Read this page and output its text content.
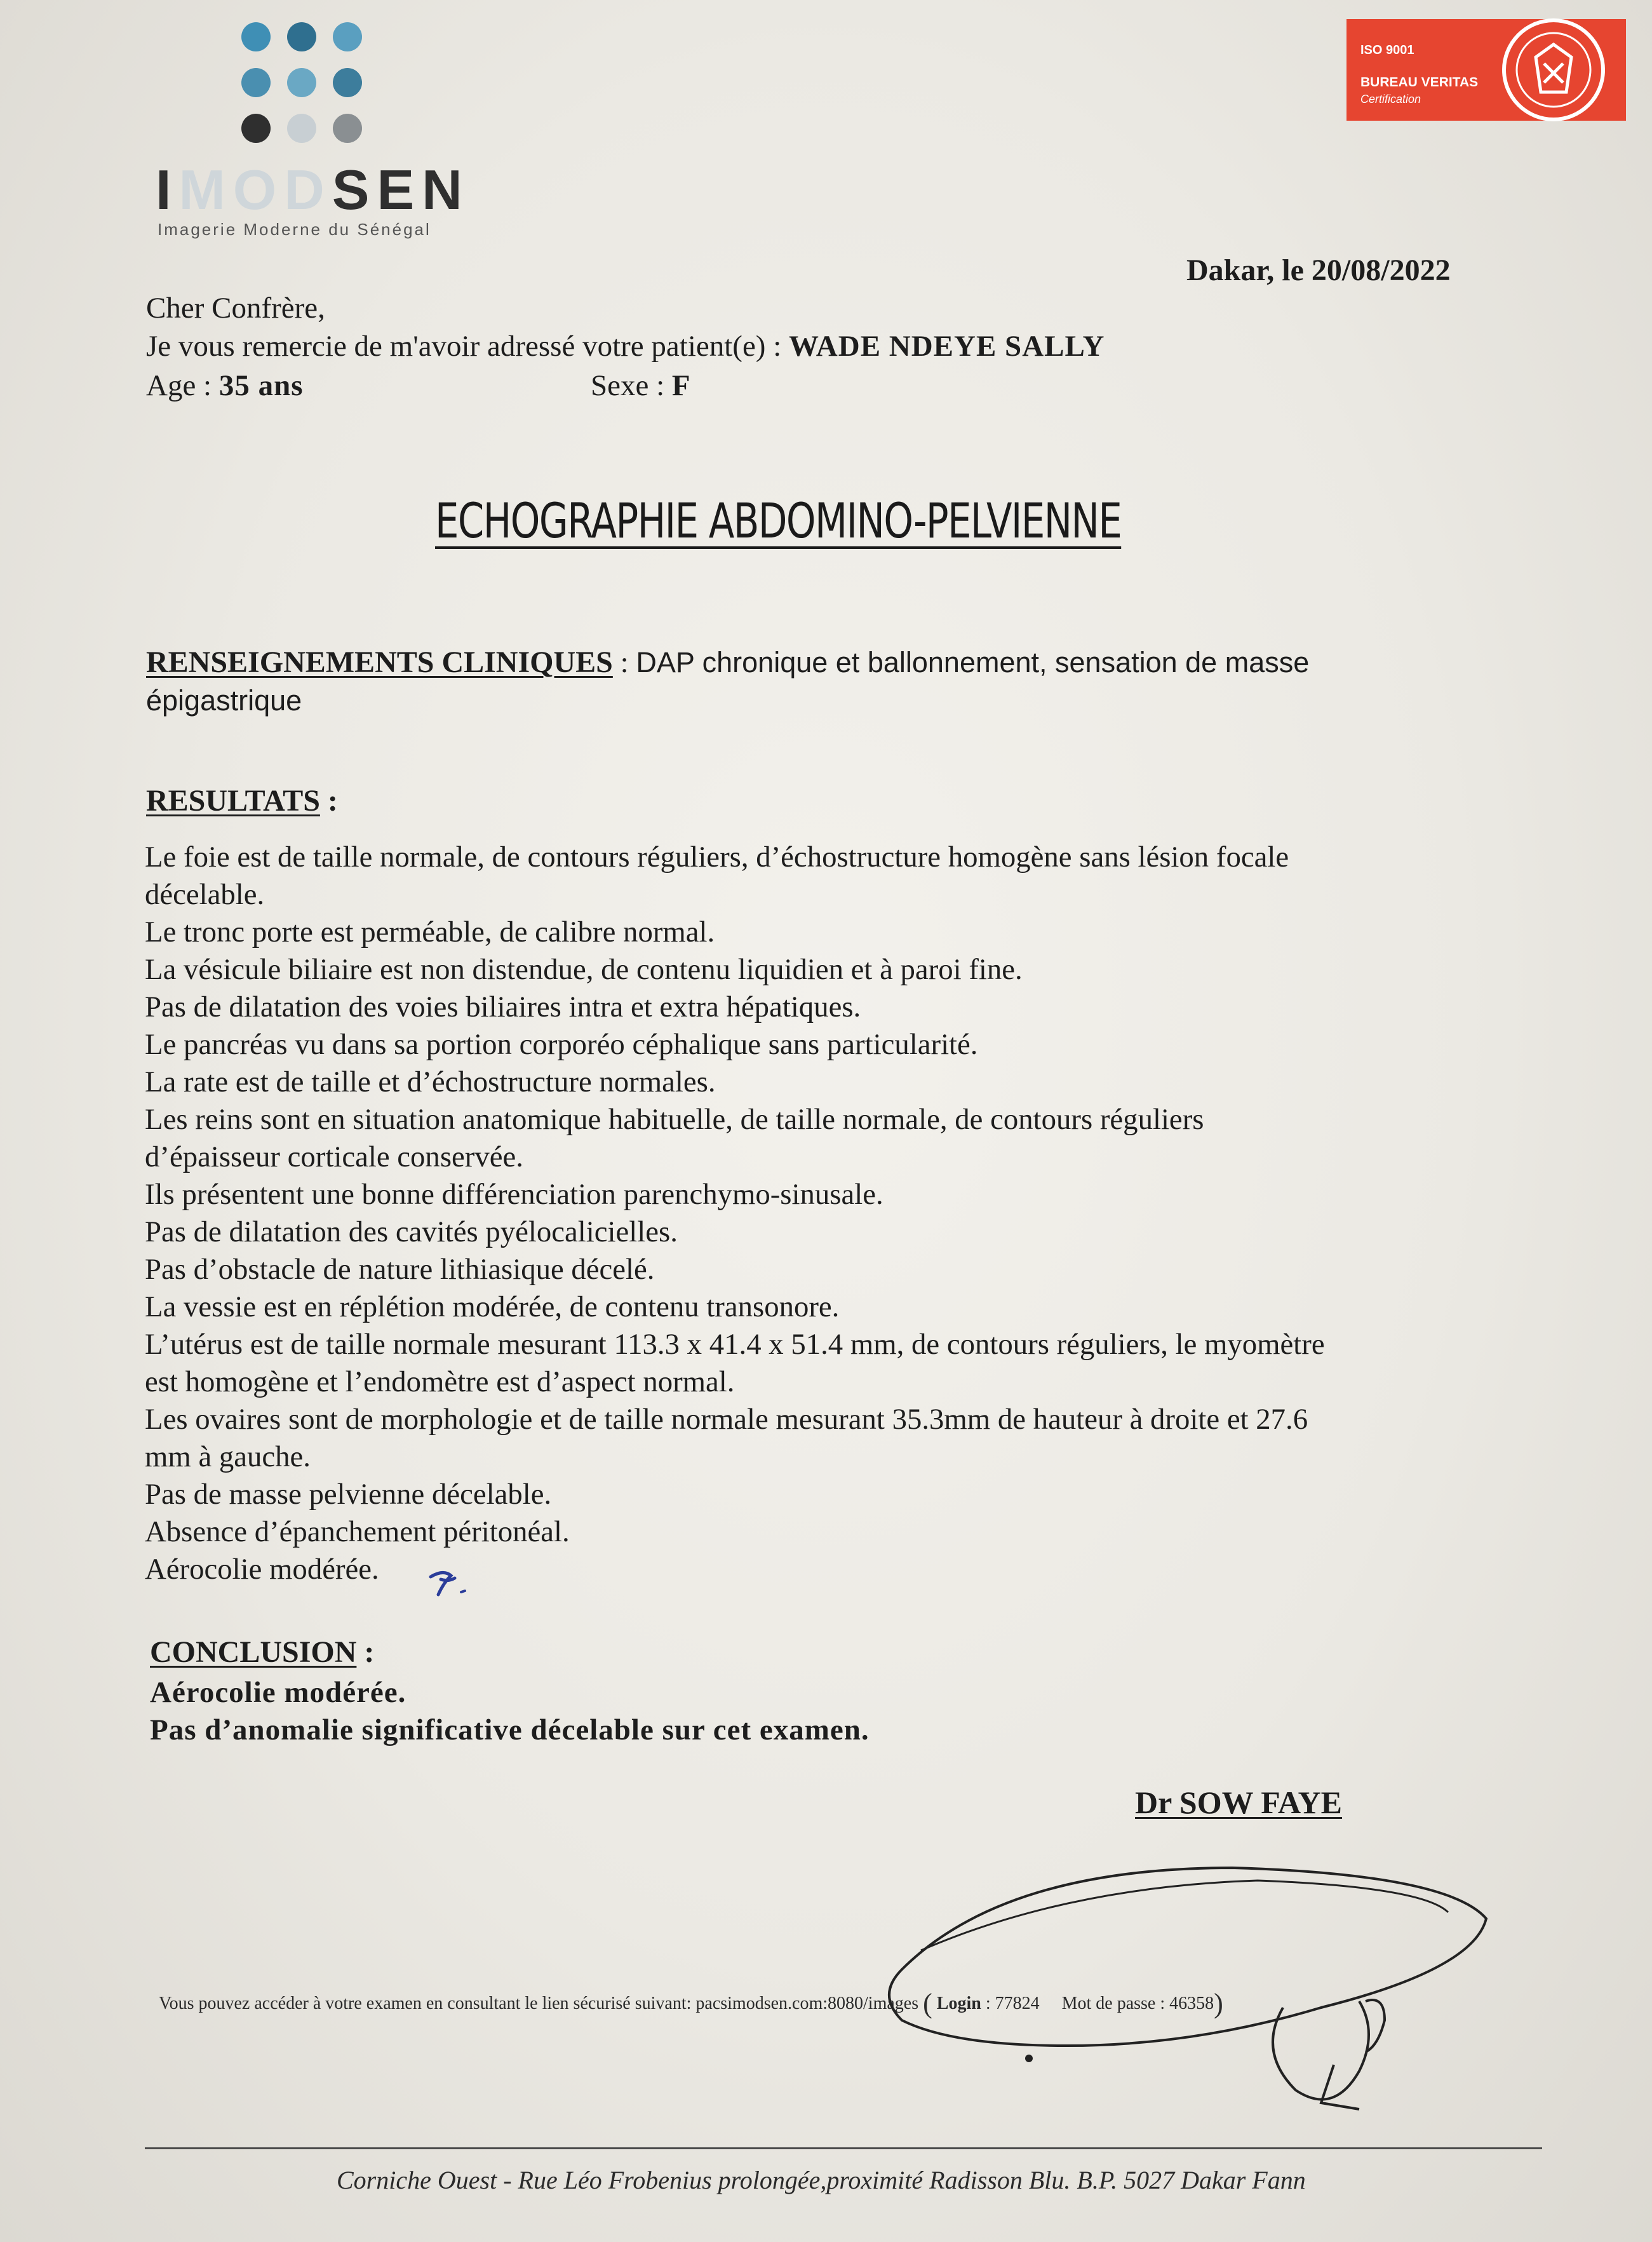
IMODSEN
Imagerie Moderne du Sénégal
ISO 9001
BUREAU VERITAS
Certification
Dakar, le 20/08/2022
Cher Confrère,
Je vous remercie de m'avoir adressé votre patient(e) : WADE NDEYE SALLY
Age : 35 ans	Sexe : F
ECHOGRAPHIE ABDOMINO-PELVIENNE
RENSEIGNEMENTS CLINIQUES : DAP chronique et ballonnement, sensation de masse
épigastrique
RESULTATS :
Le foie est de taille normale, de contours réguliers, d’échostructure homogène sans lésion focale
décelable.
Le tronc porte est perméable, de calibre normal.
La vésicule biliaire est non distendue, de contenu liquidien et à paroi fine.
Pas de dilatation des voies biliaires intra et extra hépatiques.
Le pancréas vu dans sa portion corporéo céphalique sans particularité.
La rate est de taille et d’échostructure normales.
Les reins sont en situation anatomique habituelle, de taille normale, de contours réguliers
d’épaisseur corticale conservée.
Ils présentent une bonne différenciation parenchymo-sinusale.
Pas de dilatation des cavités pyélocalicielles.
Pas d’obstacle de nature lithiasique décelé.
La vessie est en réplétion modérée, de contenu transonore.
L’utérus est de taille normale mesurant 113.3 x 41.4 x 51.4 mm, de contours réguliers, le myomètre
est homogène et l’endomètre est d’aspect normal.
Les ovaires sont de morphologie et de taille normale mesurant 35.3mm de hauteur à droite et 27.6
mm à gauche.
Pas de masse pelvienne décelable.
Absence d’épanchement péritonéal.
Aérocolie modérée.
CONCLUSION :
Aérocolie modérée.
Pas d’anomalie significative décelable sur cet examen.
Dr SOW FAYE
Vous pouvez accéder à votre examen en consultant le lien sécurisé suivant: pacsimodsen.com:8080/images ( Login : 77824 Mot de passe : 46358)
Corniche Ouest - Rue Léo Frobenius prolongée,proximité Radisson Blu. B.P. 5027 Dakar Fann
